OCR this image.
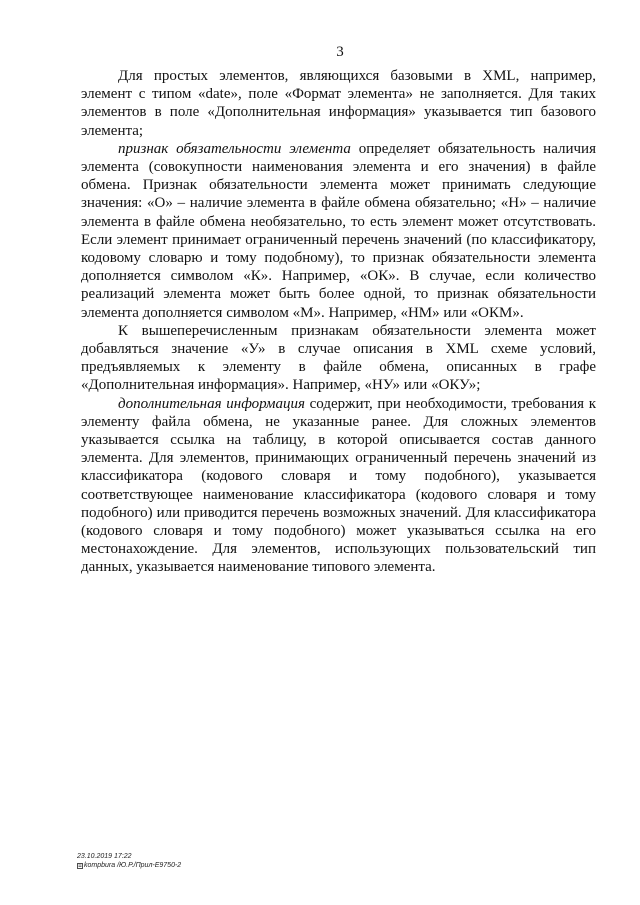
3

Для простых элементов, являющихся базовыми в XML, например, элемент с типом «date», поле «Формат элемента» не заполняется. Для таких элементов в поле «Дополнительная информация» указывается тип базового элемента;

признак обязательности элемента определяет обязательность наличия элемента (совокупности наименования элемента и его значения) в файле обмена. Признак обязательности элемента может принимать следующие значения: «О» – наличие элемента в файле обмена обязательно; «Н» – наличие элемента в файле обмена необязательно, то есть элемент может отсутствовать. Если элемент принимает ограниченный перечень значений (по классификатору, кодовому словарю и тому подобному), то признак обязательности элемента дополняется символом «К». Например, «ОК». В случае, если количество реализаций элемента может быть более одной, то признак обязательности элемента дополняется символом «М». Например, «НМ» или «ОКМ».

К вышеперечисленным признакам обязательности элемента может добавляться значение «У» в случае описания в XML схеме условий, предъявляемых к элементу в файле обмена, описанных в графе «Дополнительная информация». Например, «НУ» или «ОКУ»;

дополнительная информация содержит, при необходимости, требования к элементу файла обмена, не указанные ранее. Для сложных элементов указывается ссылка на таблицу, в которой описывается состав данного элемента. Для элементов, принимающих ограниченный перечень значений из классификатора (кодового словаря и тому подобного), указывается соответствующее наименование классификатора (кодового словаря и тому подобного) или приводится перечень возможных значений. Для классификатора (кодового словаря и тому подобного) может указываться ссылка на его местонахождение. Для элементов, использующих пользовательский тип данных, указывается наименование типового элемента.

23.10.2019 17:22
kompbura /Ю.Р./Прил-Е9750-2
